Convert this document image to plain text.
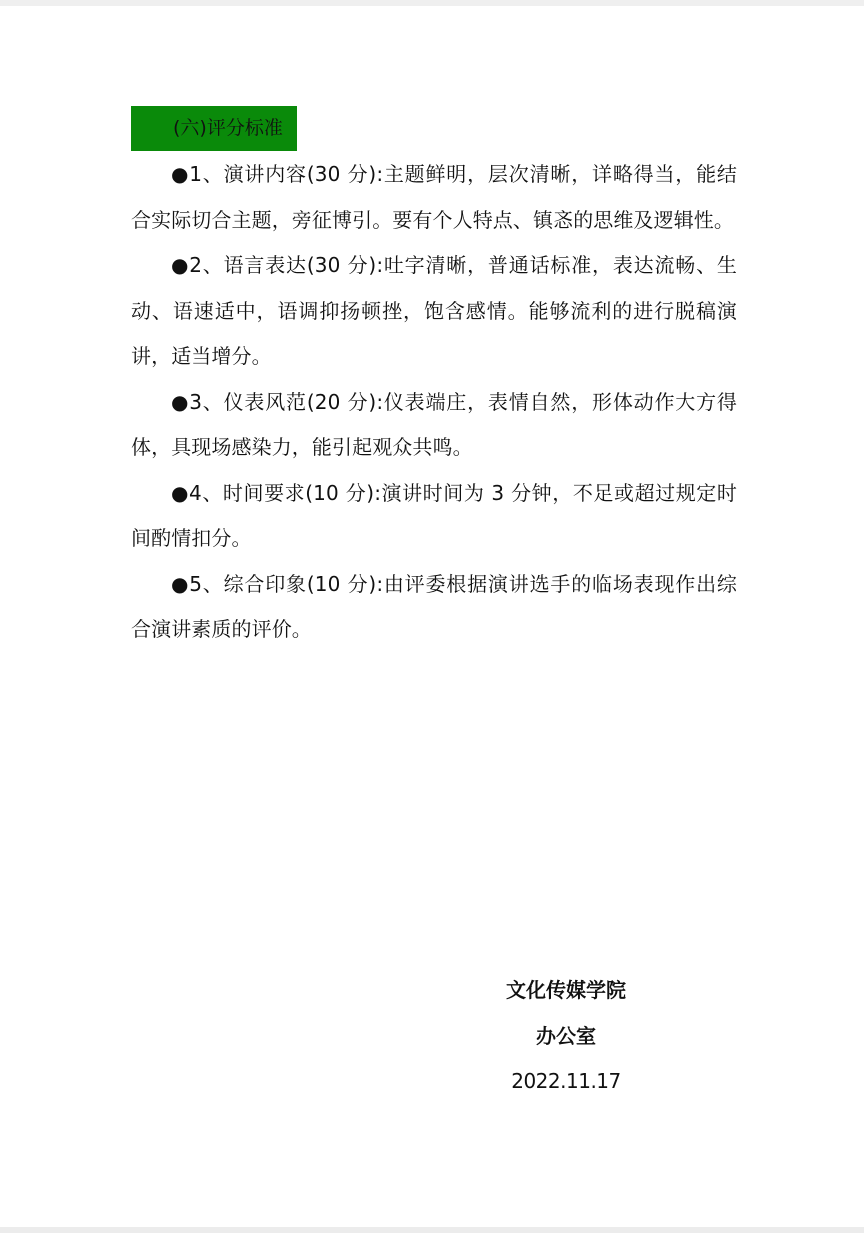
(六)评分标准

●1、演讲内容(30 分):主题鲜明，层次清晰，详略得当，能结合实际切合主题，旁征博引。要有个人特点、镇忞的思维及逻辑性。

●2、语言表达(30 分):吐字清晰，普通话标准，表达流畅、生动、语速适中，语调抑扬顿挫，饱含感情。能够流利的进行脱稿演讲，适当增分。

●3、仪表风范(20 分):仪表端庄，表情自然，形体动作大方得体，具现场感染力，能引起观众共鸣。

●4、时间要求(10 分):演讲时间为 3 分钟，不足或超过规定时间酌情扣分。

●5、综合印象(10 分):由评委根据演讲选手的临场表现作出综合演讲素质的评价。

文化传媒学院
办公室
2022.11.17
